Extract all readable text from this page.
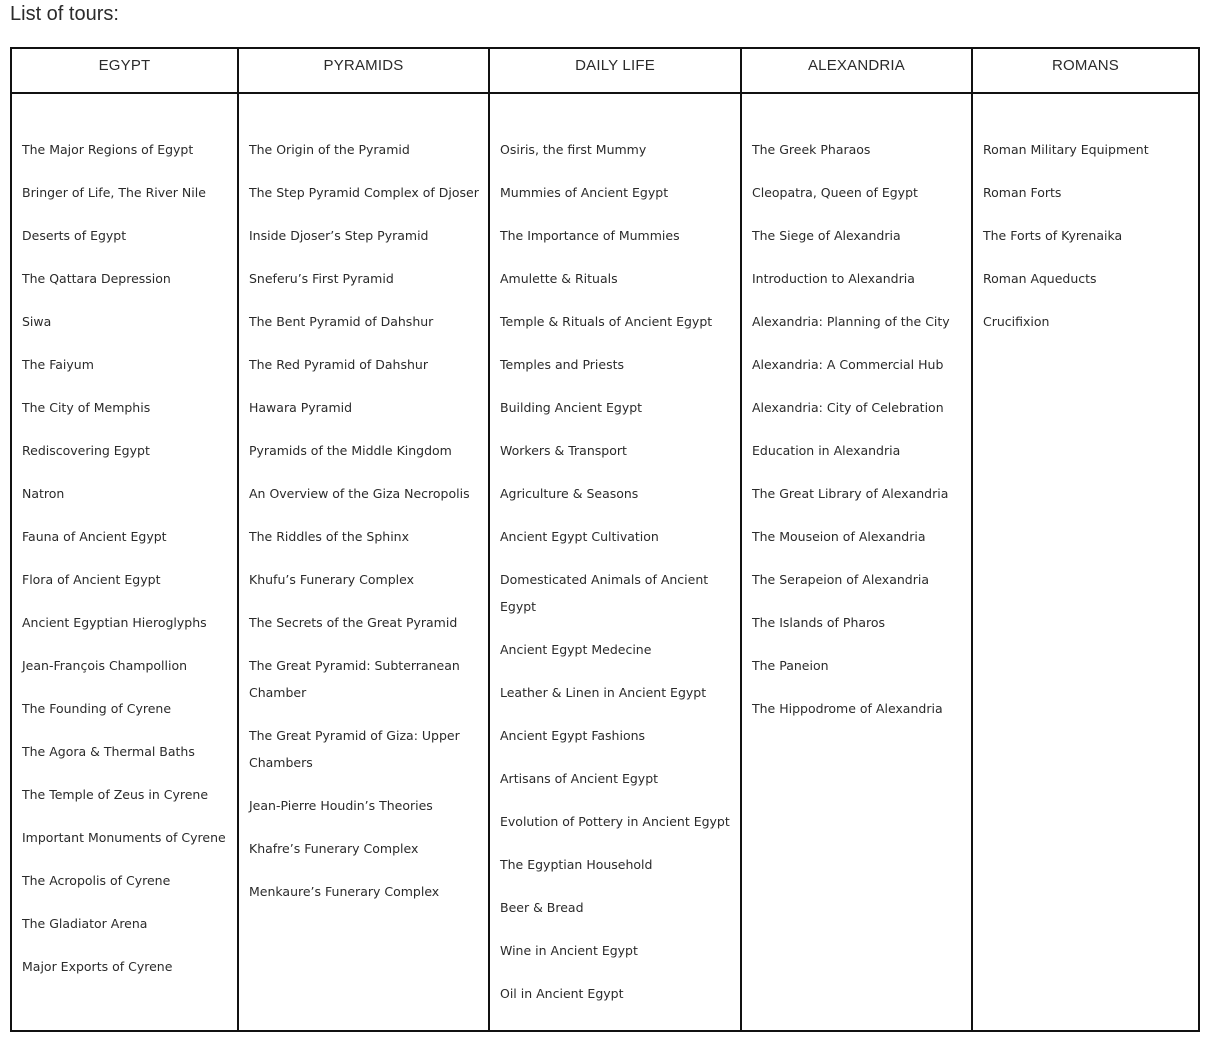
List of tours:
EGYPT
The Major Regions of Egypt
Bringer of Life, The River Nile
Deserts of Egypt
The Qattara Depression
Siwa
The Faiyum
The City of Memphis
Rediscovering Egypt
Natron
Fauna of Ancient Egypt
Flora of Ancient Egypt
Ancient Egyptian Hieroglyphs
Jean-François Champollion
The Founding of Cyrene
The Agora & Thermal Baths
The Temple of Zeus in Cyrene
Important Monuments of Cyrene
The Acropolis of Cyrene
The Gladiator Arena
Major Exports of Cyrene
PYRAMIDS
The Origin of the Pyramid
The Step Pyramid Complex of Djoser
Inside Djoser’s Step Pyramid
Sneferu’s First Pyramid
The Bent Pyramid of Dahshur
The Red Pyramid of Dahshur
Hawara Pyramid
Pyramids of the Middle Kingdom
An Overview of the Giza Necropolis
The Riddles of the Sphinx
Khufu’s Funerary Complex
The Secrets of the Great Pyramid
The Great Pyramid: Subterranean Chamber
The Great Pyramid of Giza: Upper Chambers
Jean-Pierre Houdin’s Theories
Khafre’s Funerary Complex
Menkaure’s Funerary Complex
DAILY LIFE
Osiris, the first Mummy
Mummies of Ancient Egypt
The Importance of Mummies
Amulette & Rituals
Temple & Rituals of Ancient Egypt
Temples and Priests
Building Ancient Egypt
Workers & Transport
Agriculture & Seasons
Ancient Egypt Cultivation
Domesticated Animals of Ancient Egypt
Ancient Egypt Medecine
Leather & Linen in Ancient Egypt
Ancient Egypt Fashions
Artisans of Ancient Egypt
Evolution of Pottery in Ancient Egypt
The Egyptian Household
Beer & Bread
Wine in Ancient Egypt
Oil in Ancient Egypt
ALEXANDRIA
The Greek Pharaos
Cleopatra, Queen of Egypt
The Siege of Alexandria
Introduction to Alexandria
Alexandria: Planning of the City
Alexandria: A Commercial Hub
Alexandria: City of Celebration
Education in Alexandria
The Great Library of Alexandria
The Mouseion of Alexandria
The Serapeion of Alexandria
The Islands of Pharos
The Paneion
The Hippodrome of Alexandria
ROMANS
Roman Military Equipment
Roman Forts
The Forts of Kyrenaika
Roman Aqueducts
Crucifixion
